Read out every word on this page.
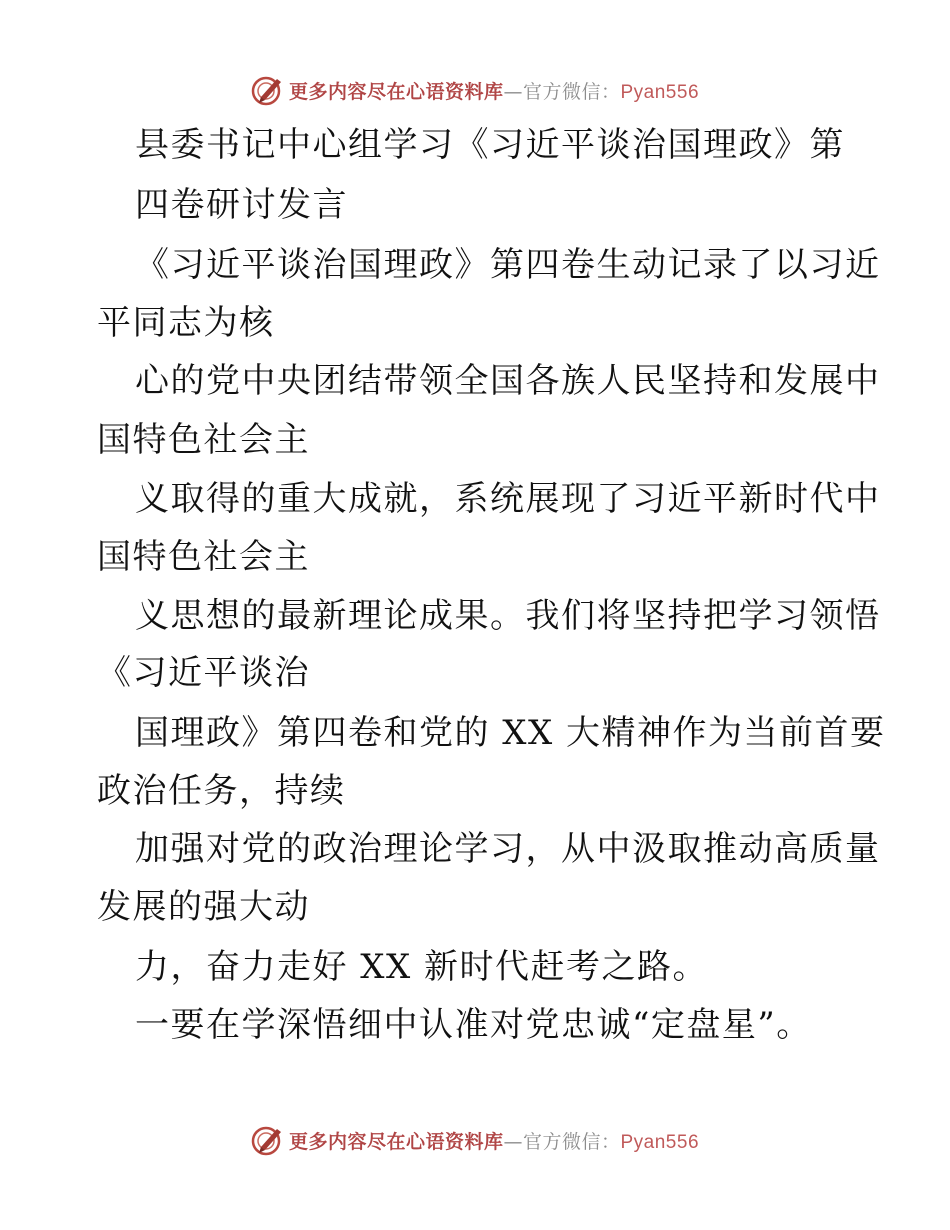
更多内容尽在心语资料库—官方微信：Pyan556
县委书记中心组学习《习近平谈治国理政》第
四卷研讨发言
《习近平谈治国理政》第四卷生动记录了以习近
平同志为核
心的党中央团结带领全国各族人民坚持和发展中
国特色社会主
义取得的重大成就，系统展现了习近平新时代中
国特色社会主
义思想的最新理论成果。我们将坚持把学习领悟
《习近平谈治
国理政》第四卷和党的 XX 大精神作为当前首要
政治任务，持续
加强对党的政治理论学习，从中汲取推动高质量
发展的强大动
力，奋力走好 XX 新时代赶考之路。
一要在学深悟细中认准对党忠诚“定盘星”。
更多内容尽在心语资料库—官方微信：Pyan556
